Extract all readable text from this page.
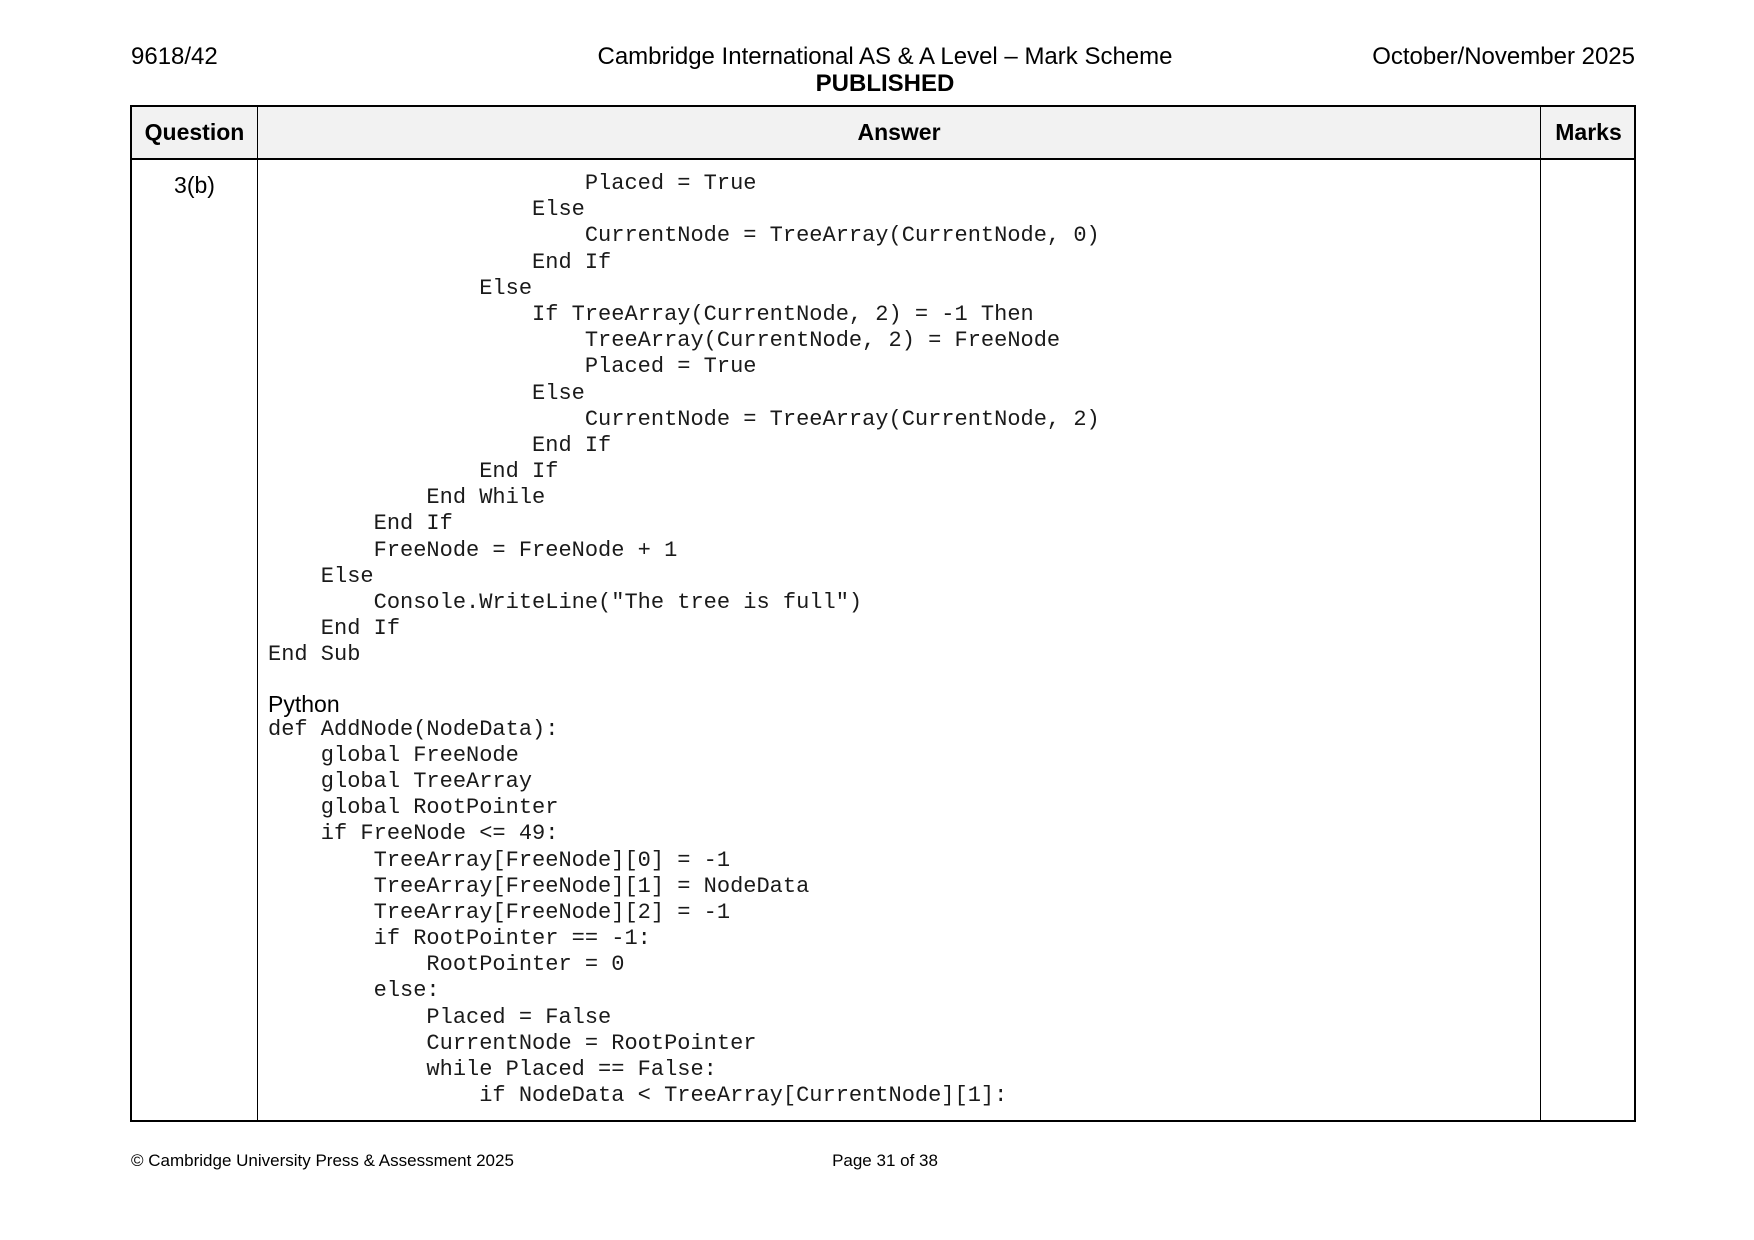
9618/42	Cambridge International AS & A Level – Mark Scheme	October/November 2025
PUBLISHED
Question	Answer	Marks
3(b)	Placed = True
Else
CurrentNode = TreeArray(CurrentNode, 0)
End If
Else
If TreeArray(CurrentNode, 2) = -1 Then
TreeArray(CurrentNode, 2) = FreeNode
Placed = True
Else
CurrentNode = TreeArray(CurrentNode, 2)
End If
End If
End While
End If
FreeNode = FreeNode + 1
Else
Console.WriteLine("The tree is full")
End If
End Sub
Python
def AddNode(NodeData):
global FreeNode
global TreeArray
global RootPointer
if FreeNode <= 49:
TreeArray[FreeNode][0] = -1
TreeArray[FreeNode][1] = NodeData
TreeArray[FreeNode][2] = -1
if RootPointer == -1:
RootPointer = 0
else:
Placed = False
CurrentNode = RootPointer
while Placed == False:
if NodeData < TreeArray[CurrentNode][1]:
© Cambridge University Press & Assessment 2025	Page 31 of 38
